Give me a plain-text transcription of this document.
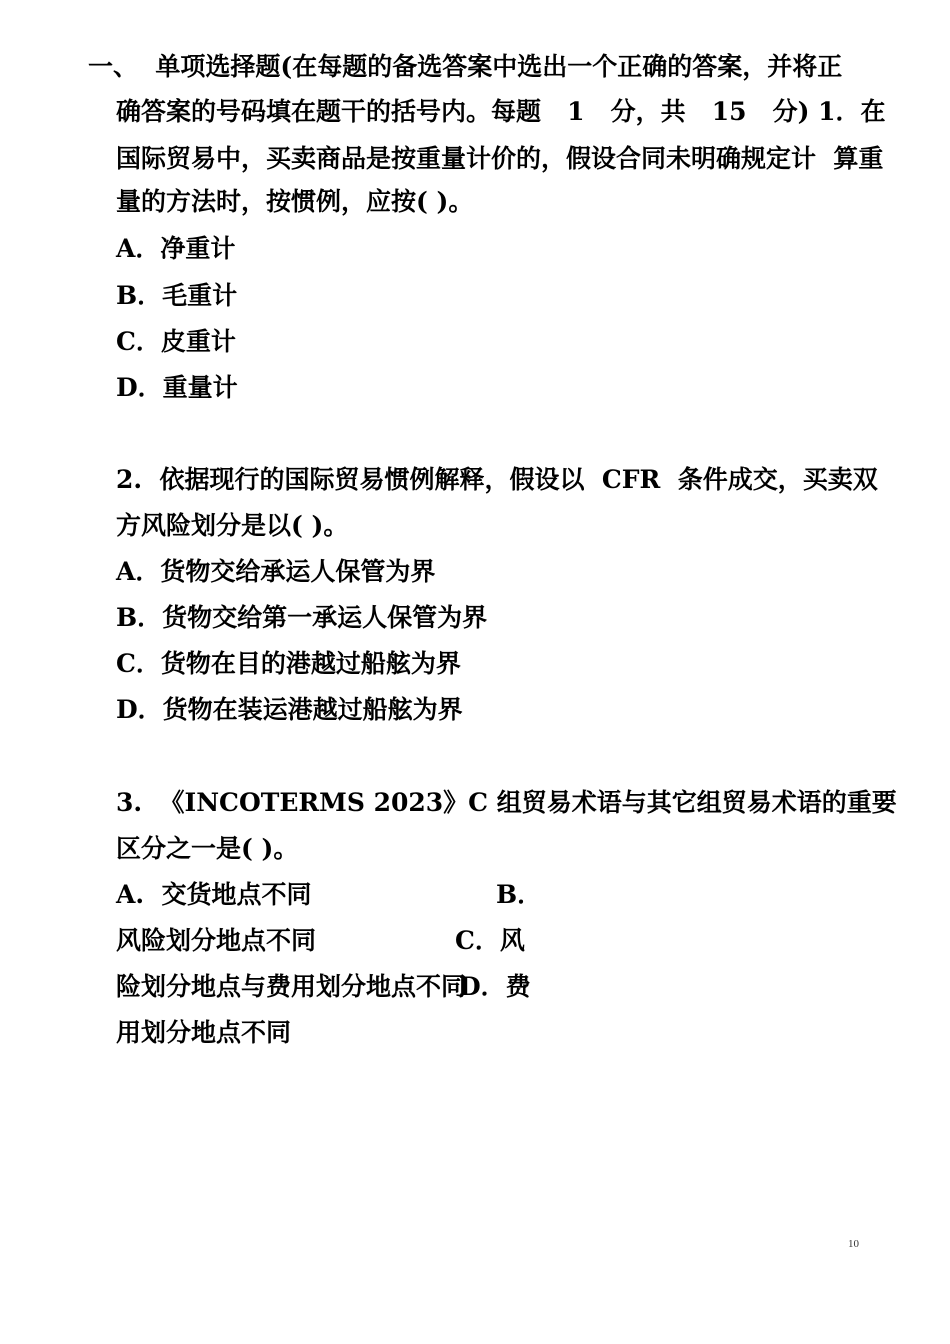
一、  单项选择题(在每题的备选答案中选出一个正确的答案，并将正
确答案的号码填在题干的括号内。每题   1   分，共   15   分) 1．在
国际贸易中，买卖商品是按重量计价的，假设合同未明确规定计  算重
量的方法时，按惯例，应按( )。
A．净重计
B．毛重计
C．皮重计
D．重量计
2.  依据现行的国际贸易惯例解释，假设以  CFR  条件成交，买卖双
方风险划分是以( )。
A．货物交给承运人保管为界
B．货物交给第一承运人保管为界
C．货物在目的港越过船舷为界
D．货物在装运港越过船舷为界
3.  《INCOTERMS 2023》C 组贸易术语与其它组贸易术语的重要
区分之一是( )。
A.  交货地点不同	B．
风险划分地点不同	C．风
险划分地点与费用划分地点不同
D．费
用划分地点不同
10
